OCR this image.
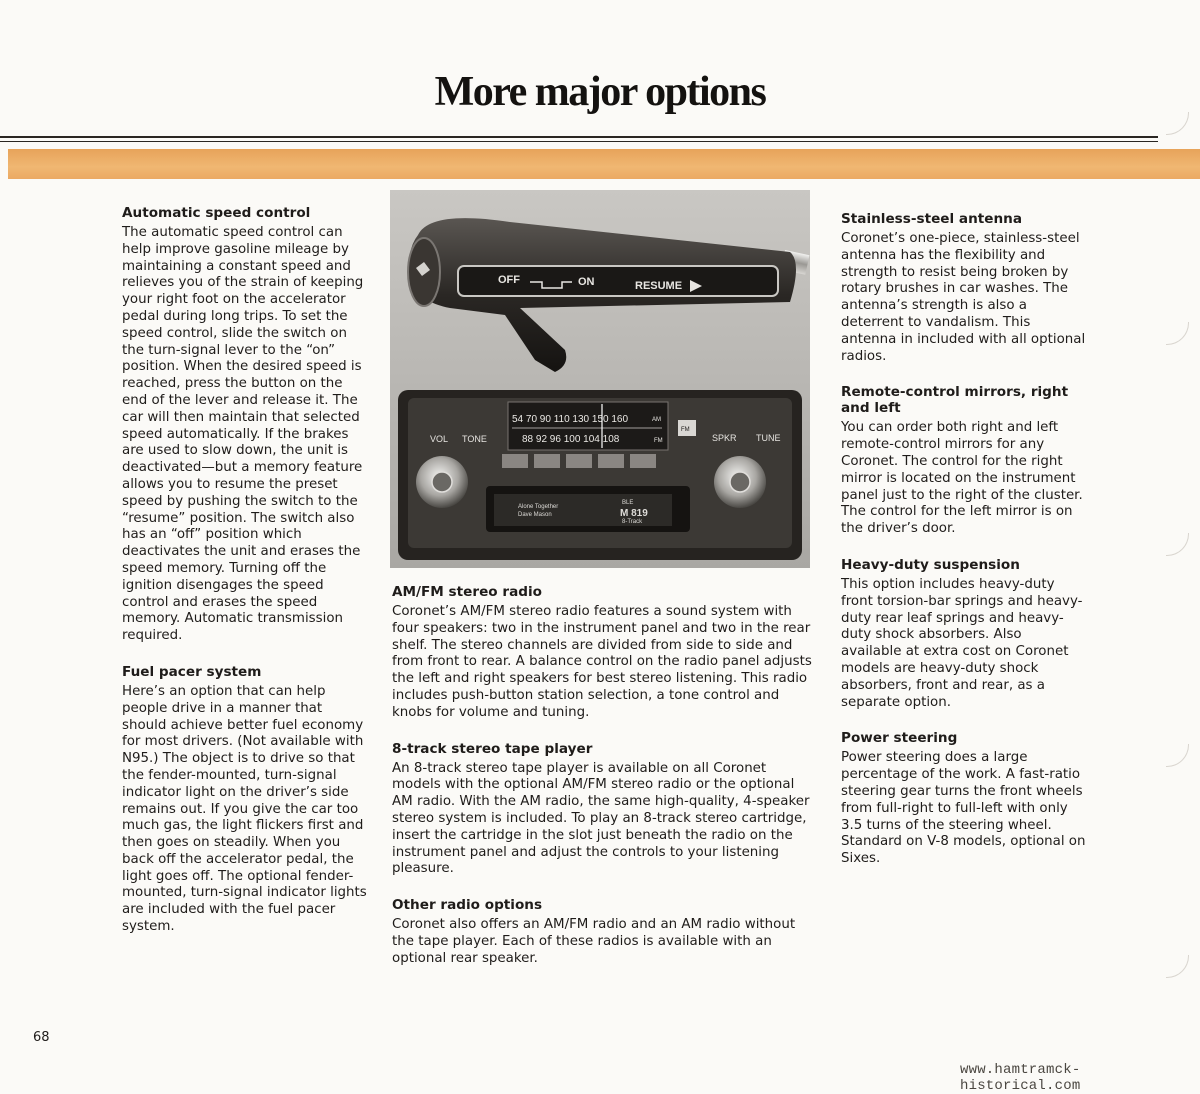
More major options
Automatic speed control

The automatic speed control can help improve gasoline mileage by maintaining a constant speed and relieves you of the strain of keeping your right foot on the accelerator pedal during long trips. To set the speed control, slide the switch on the turn-signal lever to the “on” position. When the desired speed is reached, press the button on the end of the lever and release it. The car will then maintain that selected speed automatically. If the brakes are used to slow down, the unit is deactivated—but a memory feature allows you to resume the preset speed by pushing the switch to the “resume” position. The switch also has an “off” position which deactivates the unit and erases the speed memory. Turning off the ignition disengages the speed control and erases the speed memory. Automatic transmission required.

Fuel pacer system

Here’s an option that can help people drive in a manner that should achieve better fuel economy for most drivers. (Not available with N95.) The object is to drive so that the fender-mounted, turn-signal indicator light on the driver’s side remains out. If you give the car too much gas, the light flickers first and then goes on steadily. When you back off the accelerator pedal, the light goes off. The optional fender-mounted, turn-signal indicator lights are included with the fuel pacer system.

OFF	ON	RESUME
54 70 90 110 130 150 160	AM
88 92 96 100 104 108	FM
FM
VOL TONE	SPKR TUNE
Alone Together
Dave Mason
BLE
M 819
8-Track
AM/FM stereo radio

Coronet’s AM/FM stereo radio features a sound system with four speakers: two in the instrument panel and two in the rear shelf. The stereo channels are divided from side to side and from front to rear. A balance control on the radio panel adjusts the left and right speakers for best stereo listening. This radio includes push-button station selection, a tone control and knobs for volume and tuning.

8-track stereo tape player

An 8-track stereo tape player is available on all Coronet models with the optional AM/FM stereo radio or the optional AM radio. With the AM radio, the same high-quality, 4-speaker stereo system is included. To play an 8-track stereo cartridge, insert the cartridge in the slot just beneath the radio on the instrument panel and adjust the controls to your listening pleasure.

Other radio options

Coronet also offers an AM/FM radio and an AM radio without the tape player. Each of these radios is available with an optional rear speaker.

Stainless-steel antenna

Coronet’s one-piece, stainless-steel antenna has the flexibility and strength to resist being broken by rotary brushes in car washes. The antenna’s strength is also a deterrent to vandalism. This antenna in included with all optional radios.

Remote-control mirrors, right and left

You can order both right and left remote-control mirrors for any Coronet. The control for the right mirror is located on the instrument panel just to the right of the cluster. The control for the left mirror is on the driver’s door.

Heavy-duty suspension

This option includes heavy-duty front torsion-bar springs and heavy-duty rear leaf springs and heavy-duty shock absorbers. Also available at extra cost on Coronet models are heavy-duty shock absorbers, front and rear, as a separate option.

Power steering

Power steering does a large percentage of the work. A fast-ratio steering gear turns the front wheels from full-right to full-left with only 3.5 turns of the steering wheel. Standard on V-8 models, optional on Sixes.

68
www.hamtramck-historical.com
